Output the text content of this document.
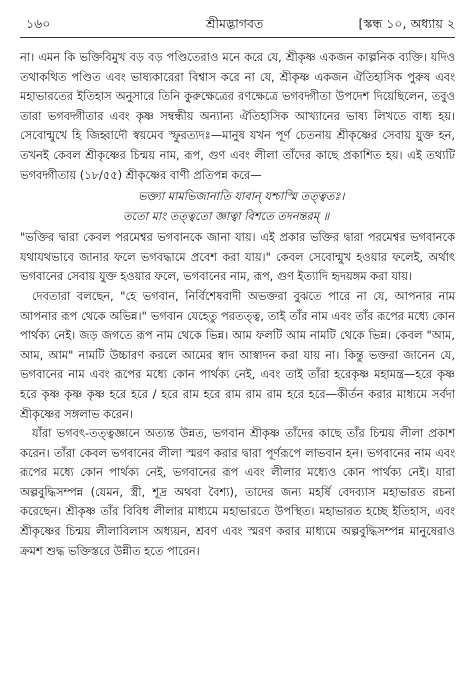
১৬০	শ্রীমদ্ভাগবত	[স্কন্ধ ১০, অধ্যায় ২

না। এমন কি ভক্তিবিমুখ বড় বড় পণ্ডিতেরাও মনে করে যে, শ্রীকৃষ্ণ একজন কাল্পনিক ব্যক্তি। যদিও তথাকথিত পণ্ডিত এবং ভাষ্যকারেরা বিশ্বাস করে না যে, শ্রীকৃষ্ণ একজন ঐতিহাসিক পুরুষ এবং মহাভারতের ইতিহাস অনুসারে তিনি কুরুক্ষেত্রের রণক্ষেত্রে ভগবদ্গীতা উপদেশ দিয়েছিলেন, তবুও তারা ভগবদ্গীতার এবং কৃষ্ণ সম্বন্ধীয় অন্যান্য ঐতিহাসিক আখ্যানের ভাষ্য লিখতে বাধ্য হয়। সেবোন্মুখে হি জিহ্বাদৌ স্বয়মেব স্ফুরত্যদঃ—মানুষ যখন পূর্ণ চেতনায় শ্রীকৃষ্ণের সেবায় যুক্ত হন, তখনই কেবল শ্রীকৃষ্ণের চিন্ময় নাম, রূপ, গুণ এবং লীলা তাঁদের কাছে প্রকাশিত হয়। এই তথ্যটি ভগবদ্গীতায় (১৮/৫৫) শ্রীকৃষ্ণের বাণী প্রতিপন্ন করে—

ভক্ত্যা মামভিজানাতি যাবান্ যশ্চাস্মি তত্ত্বতঃ।
ততো মাং তত্ত্বতো জ্ঞাত্বা বিশতে তদনন্তরম্ ॥

"ভক্তির দ্বারা কেবল পরমেশ্বর ভগবানকে জানা যায়। এই প্রকার ভক্তির দ্বারা পরমেশ্বর ভগবানকে যথাযথভাবে জানার ফলে ভগবদ্ধামে প্রবেশ করা যায়।" কেবল সেবোন্মুখ হওয়ার ফলেই, অর্থাৎ ভগবানের সেবায় যুক্ত হওয়ার ফলে, ভগবানের নাম, রূপ, গুণ ইত্যাদি হৃদয়ঙ্গম করা যায়।

দেবতারা বলছেন, "হে ভগবান, নির্বিশেষবাদী অভক্তরা বুঝতে পারে না যে, আপনার নাম আপনার রূপ থেকে অভিন্ন।" ভগবান যেহেতু পরতত্ত্ব, তাই তাঁর নাম এবং তাঁর রূপের মধ্যে কোন পার্থক্য নেই। জড় জগতে রূপ নাম থেকে ভিন্ন। আম ফলটি আম নামটি থেকে ভিন্ন। কেবল "আম, আম, আম" নামটি উচ্চারণ করলে আমের স্বাদ আস্বাদন করা যায় না। কিন্তু ভক্তরা জানেন যে, ভগবানের নাম এবং রূপের মধ্যে কোন পার্থক্য নেই, এবং তাই তাঁরা হরেকৃষ্ণ মহামন্ত্র—হরে কৃষ্ণ হরে কৃষ্ণ কৃষ্ণ কৃষ্ণ হরে হরে / হরে রাম হরে রাম রাম রাম হরে হরে—কীর্তন করার মাধ্যমে সর্বদা শ্রীকৃষ্ণের সঙ্গলাভ করেন।

যাঁরা ভগবৎ-তত্ত্বজ্ঞানে অত্যন্ত উন্নত, ভগবান শ্রীকৃষ্ণ তাঁদের কাছে তাঁর চিন্ময় লীলা প্রকাশ করেন। তাঁরা কেবল ভগবানের লীলা স্মরণ করার দ্বারা পূর্ণরূপে লাভবান হন। ভগবানের নাম এবং রূপের মধ্যে কোন পার্থক্য নেই, ভগবানের রূপ এবং লীলার মধ্যেও কোন পার্থক্য নেই। যারা অল্পবুদ্ধিসম্পন্ন (যেমন, স্ত্রী, শূদ্র অথবা বৈশ্য), তাদের জন্য মহর্ষি বেদব্যাস মহাভারত রচনা করেছেন। শ্রীকৃষ্ণ তাঁর বিবিধ লীলার মাধ্যমে মহাভারতে উপস্থিত। মহাভারত হচ্ছে ইতিহাস, এবং শ্রীকৃষ্ণের চিন্ময় লীলাবিলাস অধ্যয়ন, শ্রবণ এবং স্মরণ করার মাধ্যমে অল্পবুদ্ধিসম্পন্ন মানুষেরাও ক্রমশ শুদ্ধ ভক্তিস্তরে উন্নীত হতে পারেন।
